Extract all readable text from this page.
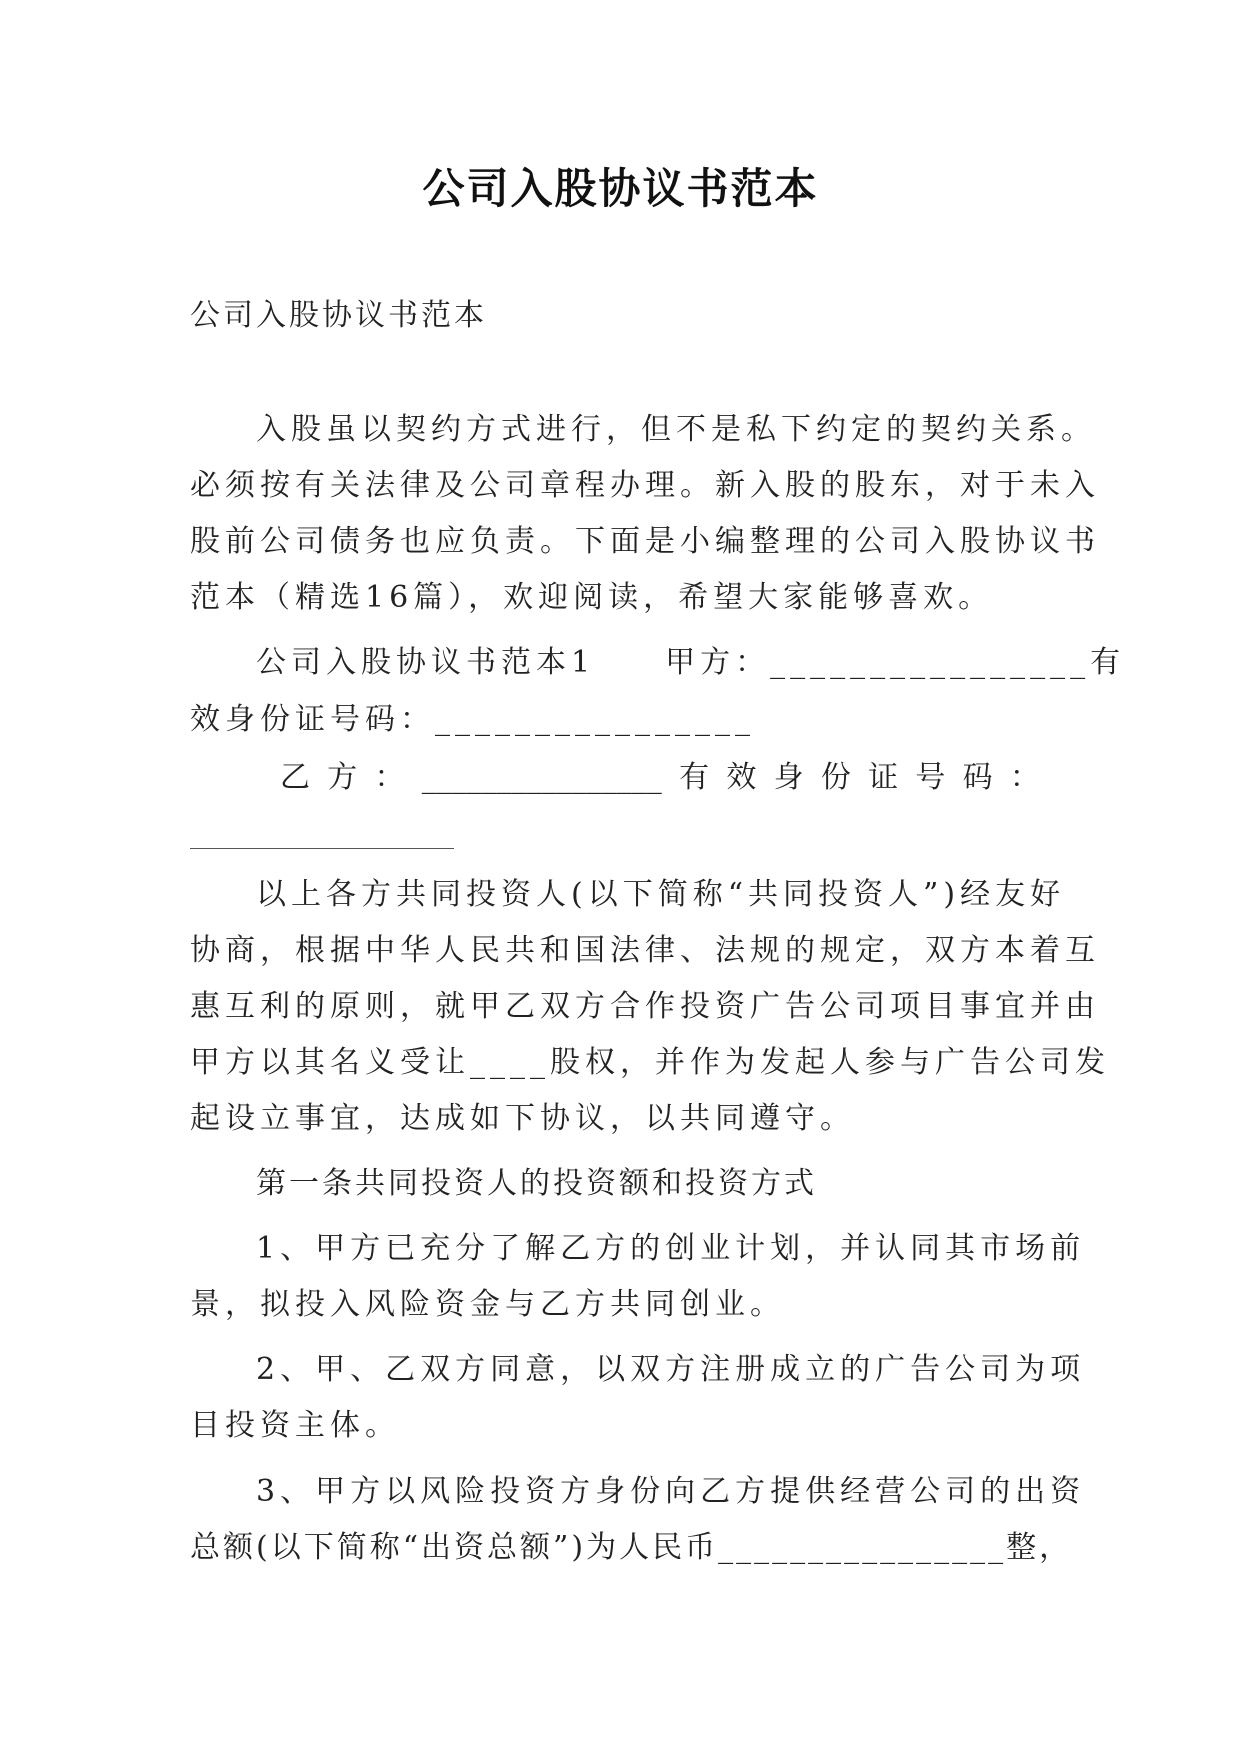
公司入股协议书范本
公司入股协议书范本
入股虽以契约方式进行，但不是私下约定的契约关系。
必须按有关法律及公司章程办理。新入股的股东，对于未入
股前公司债务也应负责。下面是小编整理的公司入股协议书
范本（精选16篇），欢迎阅读，希望大家能够喜欢。
公司入股协议书范本1　　甲方：________________有
效身份证号码：________________
乙 方 ： ________________ 有 效 身 份 证 号 码 ：
以上各方共同投资人(以下简称“共同投资人”)经友好
协商，根据中华人民共和国法律、法规的规定，双方本着互
惠互利的原则，就甲乙双方合作投资广告公司项目事宜并由
甲方以其名义受让____股权，并作为发起人参与广告公司发
起设立事宜，达成如下协议，以共同遵守。
第一条共同投资人的投资额和投资方式
1、甲方已充分了解乙方的创业计划，并认同其市场前
景，拟投入风险资金与乙方共同创业。
2、甲、乙双方同意，以双方注册成立的广告公司为项
目投资主体。
3、甲方以风险投资方身份向乙方提供经营公司的出资
总额(以下简称“出资总额”)为人民币________________整，
